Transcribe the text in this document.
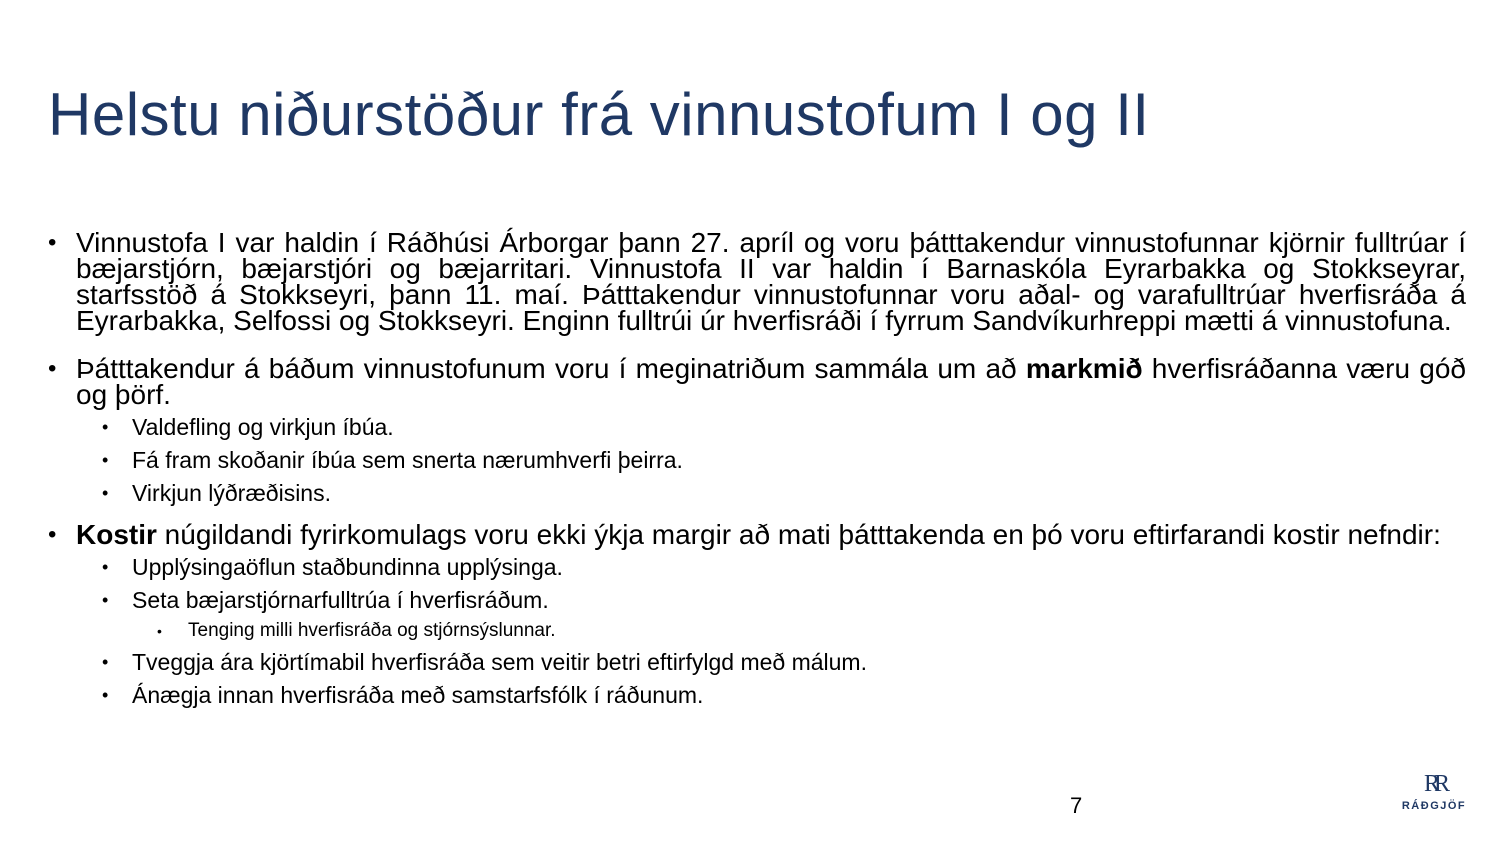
Helstu niðurstöður frá vinnustofum I og II
• Vinnustofa I var haldin í Ráðhúsi Árborgar þann 27. apríl og voru þátttakendur vinnustofunnar kjörnir fulltrúar í bæjarstjórn, bæjarstjóri og bæjarritari. Vinnustofa II var haldin í Barnaskóla Eyrarbakka og Stokkseyrar, starfsstöð á Stokkseyri, þann 11. maí. Þátttakendur vinnustofunnar voru aðal- og varafulltrúar hverfisráða á Eyrarbakka, Selfossi og Stokkseyri. Enginn fulltrúi úr hverfisráði í fyrrum Sandvíkurhreppi mætti á vinnustofuna.
• Þátttakendur á báðum vinnustofunum voru í meginatriðum sammála um að markmið hverfisráðanna væru góð og þörf.
• Valdefling og virkjun íbúa.
• Fá fram skoðanir íbúa sem snerta nærumhverfi þeirra.
• Virkjun lýðræðisins.
• Kostir núgildandi fyrirkomulags voru ekki ýkja margir að mati þátttakenda en þó voru eftirfarandi kostir nefndir:
• Upplýsingaöflun staðbundinna upplýsinga.
• Seta bæjarstjórnarfulltrúa í hverfisráðum.
• Tenging milli hverfisráða og stjórnsýslunnar.
• Tveggja ára kjörtímabil hverfisráða sem veitir betri eftirfylgd með málum.
• Ánægja innan hverfisráða með samstarfsfólk í ráðunum.
7
RR
RÁÐGJÖF
